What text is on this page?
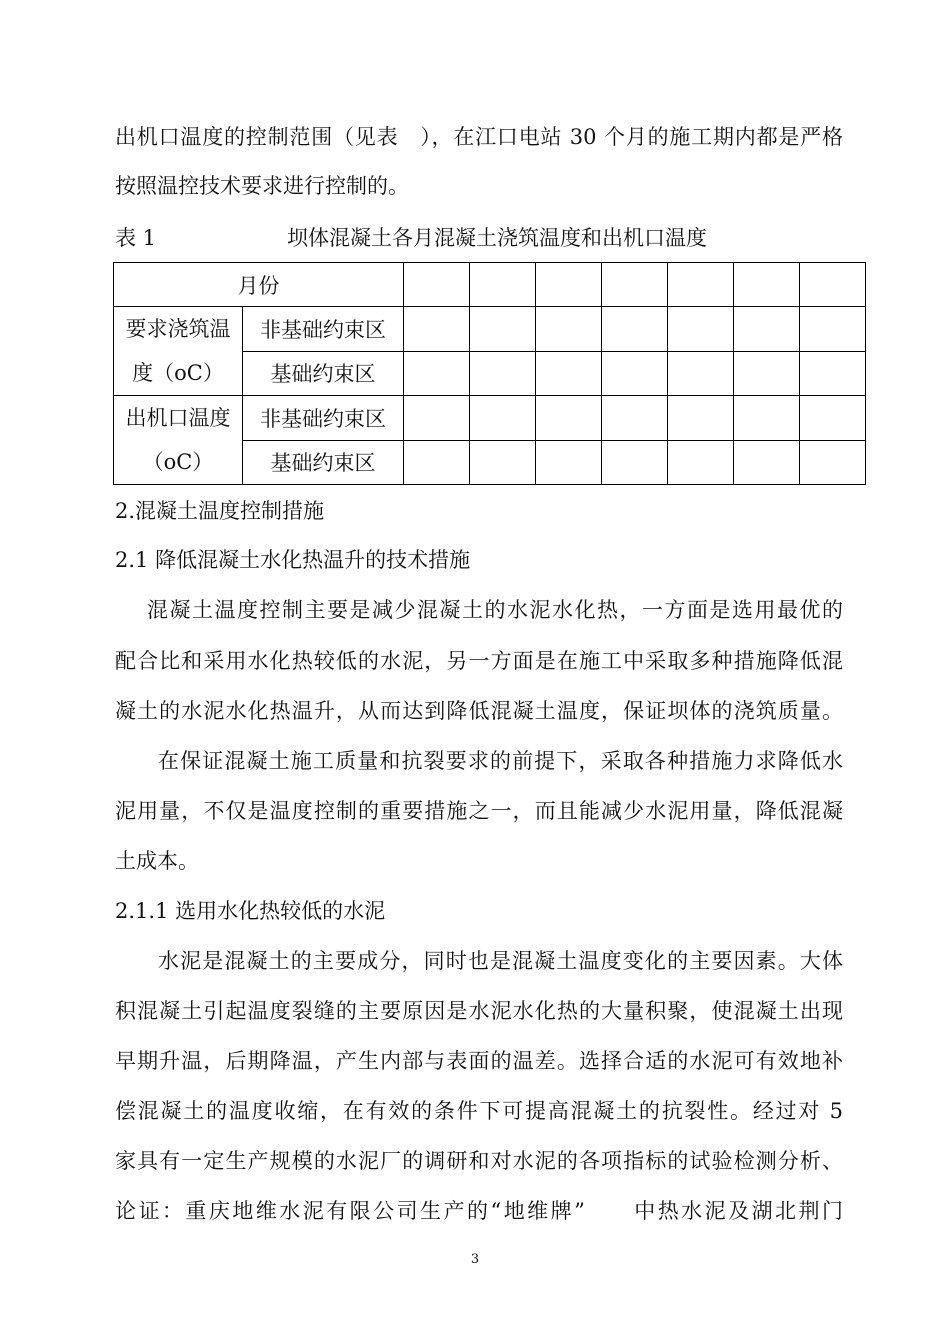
出机口温度的控制范围（见表　），在江口电站 30 个月的施工期内都是严格
按照温控技术要求进行控制的。
表 1	坝体混凝土各月混凝土浇筑温度和出机口温度
月份								

要求浇筑温
度（oC）	非基础约束区							
	基础约束区							

出机口温度
（oC）	非基础约束区							
	基础约束区							
2.混凝土温度控制措施
2.1 降低混凝土水化热温升的技术措施
混凝土温度控制主要是减少混凝土的水泥水化热，一方面是选用最优的
配合比和采用水化热较低的水泥，另一方面是在施工中采取多种措施降低混
凝土的水泥水化热温升，从而达到降低混凝土温度，保证坝体的浇筑质量。
在保证混凝土施工质量和抗裂要求的前提下，采取各种措施力求降低水
泥用量，不仅是温度控制的重要措施之一，而且能减少水泥用量，降低混凝
土成本。
2.1.1 选用水化热较低的水泥
水泥是混凝土的主要成分，同时也是混凝土温度变化的主要因素。大体
积混凝土引起温度裂缝的主要原因是水泥水化热的大量积聚，使混凝土出现
早期升温，后期降温，产生内部与表面的温差。选择合适的水泥可有效地补
偿混凝土的温度收缩，在有效的条件下可提高混凝土的抗裂性。经过对 5
家具有一定生产规模的水泥厂的调研和对水泥的各项指标的试验检测分析、
论证：重庆地维水泥有限公司生产的“地维牌”　　中热水泥及湖北荆门
3
